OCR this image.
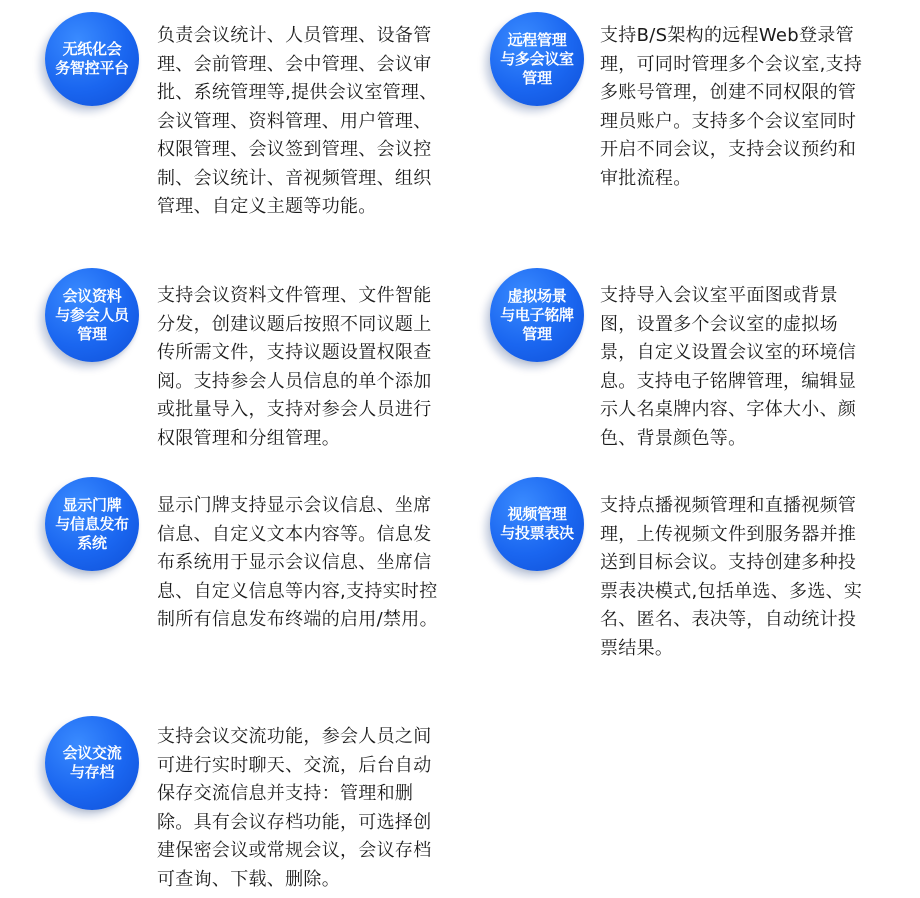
无纸化会
务智控平台

负责会议统计、人员管理、设备管理、会前管理、会中管理、会议审批、系统管理等,提供会议室管理、会议管理、资料管理、用户管理、权限管理、会议签到管理、会议控制、会议统计、音视频管理、组织管理、自定义主题等功能。

会议资料
与参会人员
管理

支持会议资料文件管理、文件智能分发，创建议题后按照不同议题上传所需文件，支持议题设置权限查阅。支持参会人员信息的单个添加或批量导入，支持对参会人员进行权限管理和分组管理。

显示门牌
与信息发布
系统

显示门牌支持显示会议信息、坐席信息、自定义文本内容等。信息发布系统用于显示会议信息、坐席信息、自定义信息等内容,支持实时控制所有信息发布终端的启用/禁用。

会议交流
与存档

支持会议交流功能，参会人员之间可进行实时聊天、交流，后台自动保存交流信息并支持：管理和删除。具有会议存档功能，可选择创建保密会议或常规会议，会议存档可查询、下载、删除。

远程管理
与多会议室
管理

支持B/S架构的远程Web登录管理，可同时管理多个会议室,支持多账号管理，创建不同权限的管理员账户。支持多个会议室同时开启不同会议，支持会议预约和审批流程。

虚拟场景
与电子铭牌
管理

支持导入会议室平面图或背景图，设置多个会议室的虚拟场景，自定义设置会议室的环境信息。支持电子铭牌管理，编辑显示人名桌牌内容、字体大小、颜色、背景颜色等。

视频管理
与投票表决

支持点播视频管理和直播视频管理，上传视频文件到服务器并推送到目标会议。支持创建多种投票表决模式,包括单选、多选、实名、匿名、表决等，自动统计投票结果。
